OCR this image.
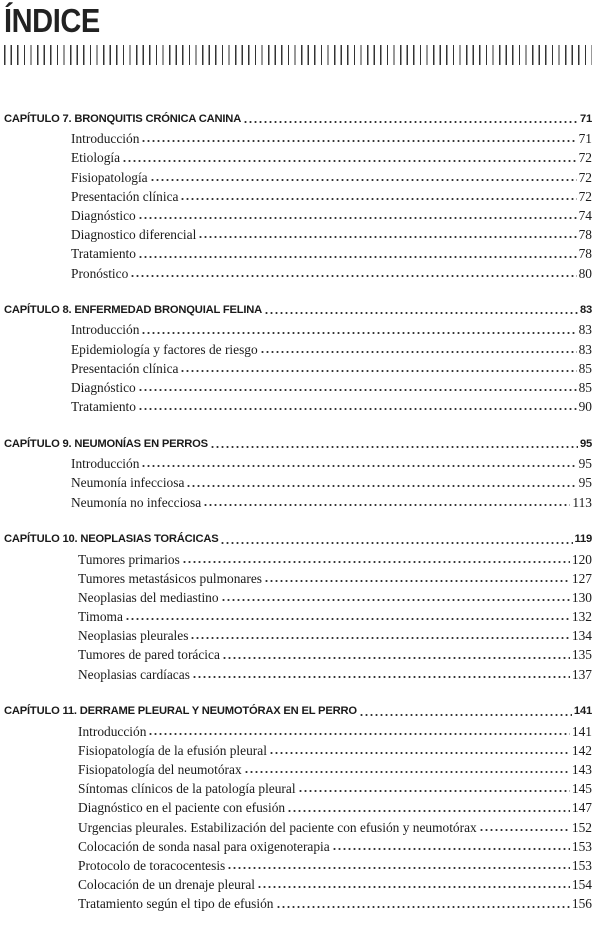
ÍNDICE
CAPÍTULO 7. BRONQUITIS CRÓNICA CANINA	71
Introducción	71
Etiología	72
Fisiopatología	72
Presentación clínica	72
Diagnóstico	74
Diagnostico diferencial	78
Tratamiento	78
Pronóstico	80
CAPÍTULO 8. ENFERMEDAD BRONQUIAL FELINA	83
Introducción	83
Epidemiología y factores de riesgo	83
Presentación clínica	85
Diagnóstico	85
Tratamiento	90
CAPÍTULO 9. NEUMONÍAS EN PERROS	95
Introducción	95
Neumonía infecciosa	95
Neumonía no infecciosa	113
CAPÍTULO 10. NEOPLASIAS TORÁCICAS	119
Tumores primarios	120
Tumores metastásicos pulmonares	127
Neoplasias del mediastino	130
Timoma	132
Neoplasias pleurales	134
Tumores de pared torácica	135
Neoplasias cardíacas	137
CAPÍTULO 11. DERRAME PLEURAL Y NEUMOTÓRAX EN EL PERRO	141
Introducción	141
Fisiopatología de la efusión pleural	142
Fisiopatología del neumotórax	143
Síntomas clínicos de la patología pleural	145
Diagnóstico en el paciente con efusión	147
Urgencias pleurales. Estabilización del paciente con efusión y neumotórax	152
Colocación de sonda nasal para oxigenoterapia	153
Protocolo de toracocentesis	153
Colocación de un drenaje pleural	154
Tratamiento según el tipo de efusión	156
